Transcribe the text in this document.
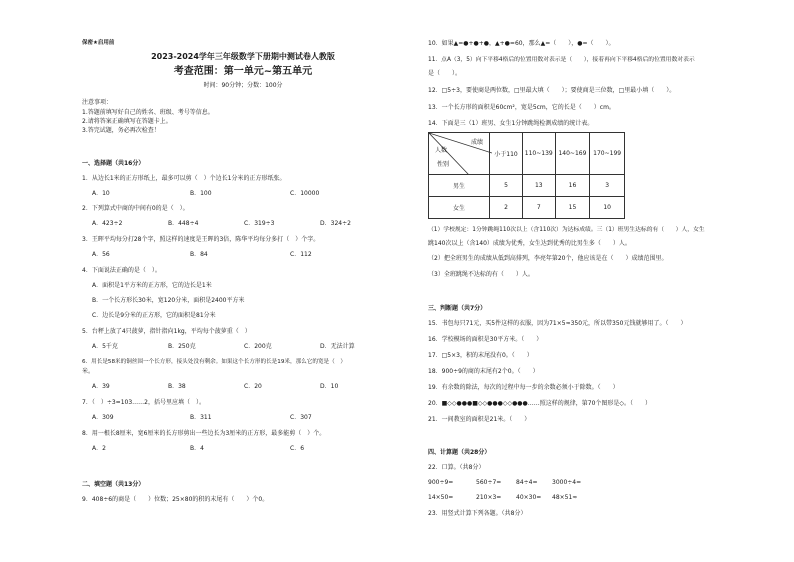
保密★启用前
2023-2024学年三年级数学下册期中测试卷人教版
考查范围：第一单元~第五单元
时间：90分钟；分数：100分
注意事项：
1.答题前填写好自己的姓名、班级、考号等信息。
2.请将答案正确填写在答题卡上。
3.答完试题，务必再次检查！
一、选择题（共16分）
1．从边长1米的正方形纸上，最多可以剪（　）个边长1分米的正方形纸张。
A．10	B．100	C．10000
2．下列算式中商的中间有0的是（　）。
A．423÷2	B．448÷4	C．319÷3	D．324÷2
3．王晖平均每分打28个字，照这样的速度是王晖的3倍，陈华平均每分多打（　）个字。
A．56	B．84	C．112
4．下面说法正确的是（　）。
A．面积是1平方米的正方形，它的边长是1米
B．一个长方形长30米，宽120分米，面积是2400平方米
C．边长是9分米的正方形，它的面积是81分米
5．台秤上放了4只菠萝，指针指向1kg，平均每个菠萝重（　）
A．5千克	B．250克	C．200克	D．无法计算
6．用长是58米的铜丝围一个长方形，接头处没有剩余。如果这个长方形的长是19米，那么它的宽是（　）
米。
A．39	B．38	C．20	D．10
7．（　）÷3=103……2，括号里应填（　）。
A．309	B．311	C．307
8．用一根长8厘米，宽6厘米的长方形剪出一些边长为3厘米的正方形，最多能剪（　）个。
A．2	B．4	C．6
二、填空题（共13分）
9．408÷6的商是（　　）位数；25×80的积的末尾有（　　）个0。
10．如果▲=●+●+●，▲+●=60，那么▲=（　　），●=（　　）。
11．点A（3，5）向下平移4格后的位置用数对表示是（　　），接着再向下平移4格后的位置用数对表示
是（　　）。
12．□5÷3，要使商是两位数，□里最大填（　　）；要使商是三位数，□里最小填（　　）。
13．一个长方形的面积是60cm²，宽是5cm，它的长是（　　）cm。
14．下面是三（1）班男、女生1分钟跳绳检测成绩的统计表。
成绩
人数
性别	小于110	110~139	140~169	170~199
男生	5	13	16	3
女生	2	7	15	10
（1）学校规定：1分钟跳绳110次以上（含110次）为达标成绩。三（1）班男生达标的有（　　）人，女生
跳140次以上（含140）成绩为优秀，女生达到优秀的比男生多（　　）人。
（2）把全班男生的成绩从低到高排列，李亮年第20个，他应该是在（　　）成绩范围里。
（3）全班跳绳不达标的有（　　）人。
三、判断题（共7分）
15．书包每只71元，买5件这样的衣服，因为71×5≈350元，所以带350元钱就够用了。（　　）
16．学校模场的面积是30平方米。（　　）
17．□5×3，积的末尾没有0。（　　）
18．900÷9的商的末尾有2个0。（　　）
19．有余数的除法，每次的过程中每一步的余数必须小于除数。（　　）
20．■◇◇●●●■◇◇●●●◇◇●●●……照这样的规律，第70个图形是◇。（　　）
21．一间教室的面积是21米。（　　）
四、计算题（共28分）
22．口算。（共8分）
900÷9=	560÷7= 84÷4= 3000÷4=
14×50=	210×3= 40×30= 48×51≈
23．用竖式计算下列各题。（共8分）
